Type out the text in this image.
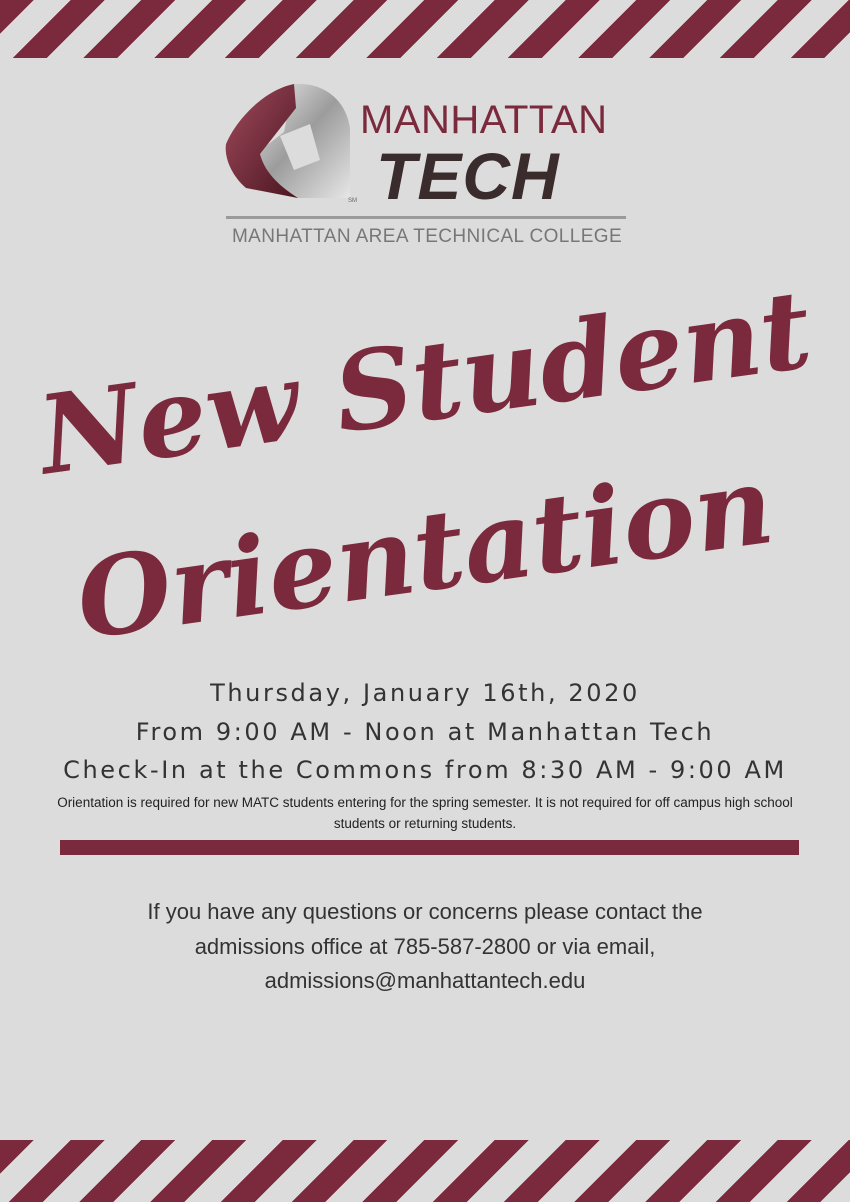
MANHATTAN
TECH
SM
MANHATTAN AREA TECHNICAL COLLEGE
New Student
Orientation
Thursday, January 16th, 2020
From 9:00 AM - Noon at Manhattan Tech
Check-In at the Commons from 8:30 AM - 9:00 AM
Orientation is required for new MATC students entering for the spring semester. It is not required for off campus high school students or returning students.
If you have any questions or concerns please contact the
admissions office at 785-587-2800 or via email,
admissions@manhattantech.edu
